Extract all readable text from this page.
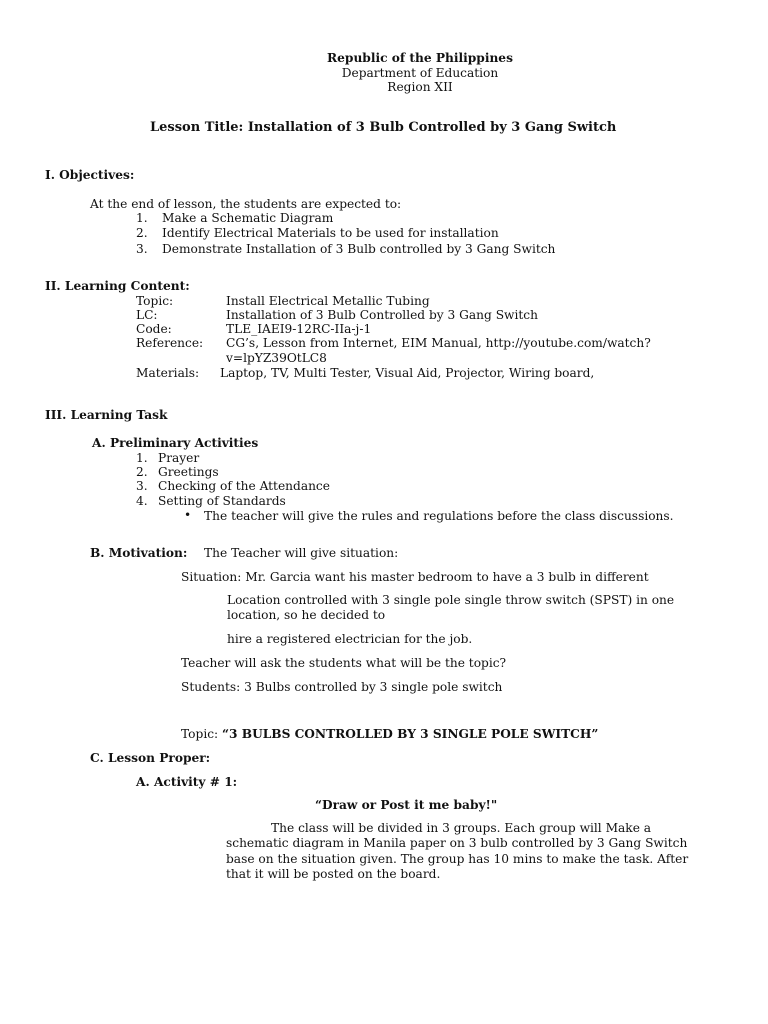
Republic of the Philippines
Department of Education
Region XII
Lesson Title: Installation of 3 Bulb Controlled by 3 Gang Switch
I. Objectives:
At the end of lesson, the students are expected to:
1. Make a Schematic Diagram
2. Identify Electrical Materials to be used for installation
3. Demonstrate Installation of 3 Bulb controlled by 3 Gang Switch
II. Learning Content:
Topic:	Install Electrical Metallic Tubing
LC:	Installation of 3 Bulb Controlled by 3 Gang Switch
Code:	TLE_IAEI9-12RC-IIa-j-1
Reference: CG’s, Lesson from Internet, EIM Manual, http://youtube.com/watch?
v=lpYZ39OtLC8
Materials: Laptop, TV, Multi Tester, Visual Aid, Projector, Wiring board,
III. Learning Task
A. Preliminary Activities
1. Prayer
2. Greetings
3. Checking of the Attendance
4. Setting of Standards
• The teacher will give the rules and regulations before the class discussions.
B. Motivation: The Teacher will give situation:
Situation: Mr. Garcia want his master bedroom to have a 3 bulb in different
Location controlled with 3 single pole single throw switch (SPST) in one
location, so he decided to
hire a registered electrician for the job.
Teacher will ask the students what will be the topic?
Students: 3 Bulbs controlled by 3 single pole switch
Topic: “3 BULBS CONTROLLED BY 3 SINGLE POLE SWITCH”
C. Lesson Proper:
A. Activity # 1:
“Draw or Post it me baby!"
The class will be divided in 3 groups. Each group will Make a
schematic diagram in Manila paper on 3 bulb controlled by 3 Gang Switch
base on the situation given. The group has 10 mins to make the task. After
that it will be posted on the board.
